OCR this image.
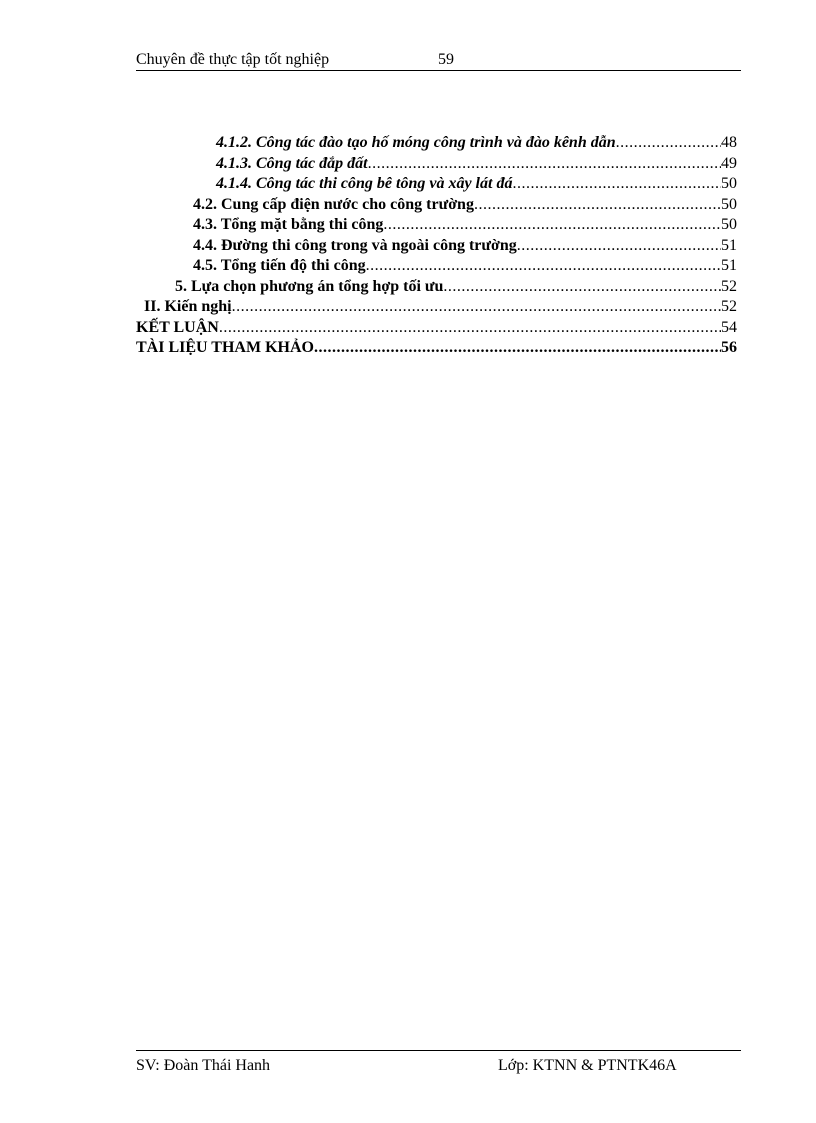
Chuyên đề thực tập tốt nghiệp	59
4.1.2. Công tác đào tạo hố móng công trình và đào kênh dẫn .....	48
4.1.3. Công tác đắp đất .....	49
4.1.4. Công tác thi công bê tông và xây lát đá .....	50
4.2. Cung cấp điện nước cho công trường .....	50
4.3. Tổng mặt bằng thi công .....	50
4.4. Đường thi công trong và ngoài công trường .....	51
4.5. Tổng tiến độ thi công .....	51
5. Lựa chọn phương án tổng hợp tối ưu .....	52
II. Kiến nghị .....	52
KẾT LUẬN .....	54
TÀI LIỆU THAM KHẢO .....	56
SV: Đoàn Thái Hanh	Lớp: KTNN & PTNTK46A
